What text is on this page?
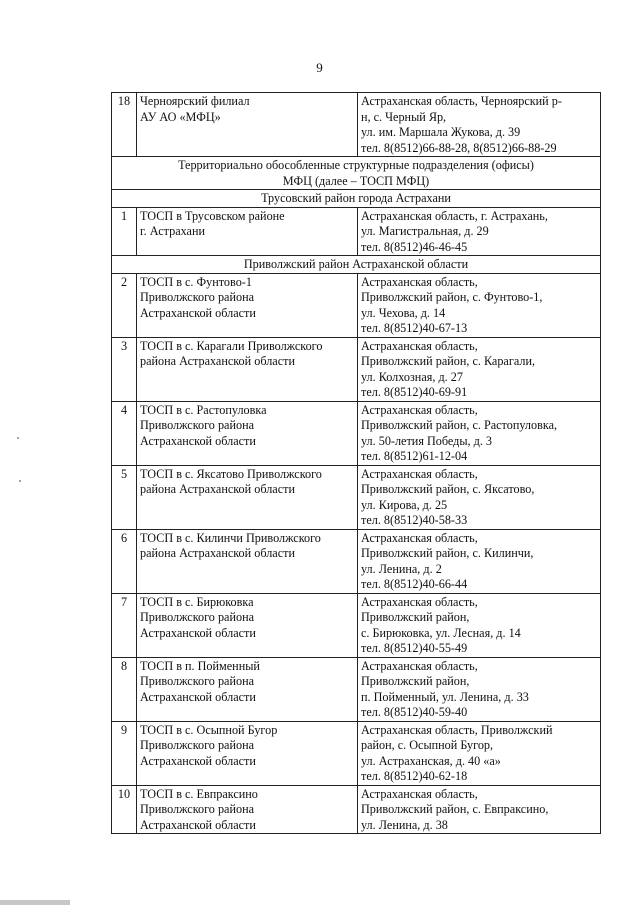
9
18	Черноярский филиал
АУ АО «МФЦ»	Астраханская область, Черноярский р-
н, с. Черный Яр,
ул. им. Маршала Жукова, д. 39
тел. 8(8512)66-88-28, 8(8512)66-88-29

Территориально обособленные структурные подразделения (офисы)
МФЦ (далее – ТОСП МФЦ)		

Трусовский район города Астрахани		
1	ТОСП в Трусовском районе
г. Астрахани	Астраханская область, г. Астрахань,
ул. Магистральная, д. 29
тел. 8(8512)46-46-45

Приволжский район Астраханской области		
2	ТОСП в с. Фунтово-1
Приволжского района
Астраханской области	Астраханская область,
Приволжский район, с. Фунтово-1,
ул. Чехова, д. 14
тел. 8(8512)40-67-13

3	ТОСП в с. Карагали Приволжского
района Астраханской области	Астраханская область,
Приволжский район, с. Карагали,
ул. Колхозная, д. 27
тел. 8(8512)40-69-91

4	ТОСП в с. Растопуловка
Приволжского района
Астраханской области	Астраханская область,
Приволжский район, с. Растопуловка,
ул. 50-летия Победы, д. 3
тел. 8(8512)61-12-04

5	ТОСП в с. Яксатово Приволжского
района Астраханской области	Астраханская область,
Приволжский район, с. Яксатово,
ул. Кирова, д. 25
тел. 8(8512)40-58-33

6	ТОСП в с. Килинчи Приволжского
района Астраханской области	Астраханская область,
Приволжский район, с. Килинчи,
ул. Ленина, д. 2
тел. 8(8512)40-66-44

7	ТОСП в с. Бирюковка
Приволжского района
Астраханской области	Астраханская область,
Приволжский район,
с. Бирюковка, ул. Лесная, д. 14
тел. 8(8512)40-55-49

8	ТОСП в п. Пойменный
Приволжского района
Астраханской области	Астраханская область,
Приволжский район,
п. Пойменный, ул. Ленина, д. 33
тел. 8(8512)40-59-40

9	ТОСП в с. Осыпной Бугор
Приволжского района
Астраханской области	Астраханская область, Приволжский
район, с. Осыпной Бугор,
ул. Астраханская, д. 40 «а»
тел. 8(8512)40-62-18

10	ТОСП в с. Евпраксино
Приволжского района
Астраханской области	Астраханская область,
Приволжский район, с. Евпраксино,
ул. Ленина, д. 38
